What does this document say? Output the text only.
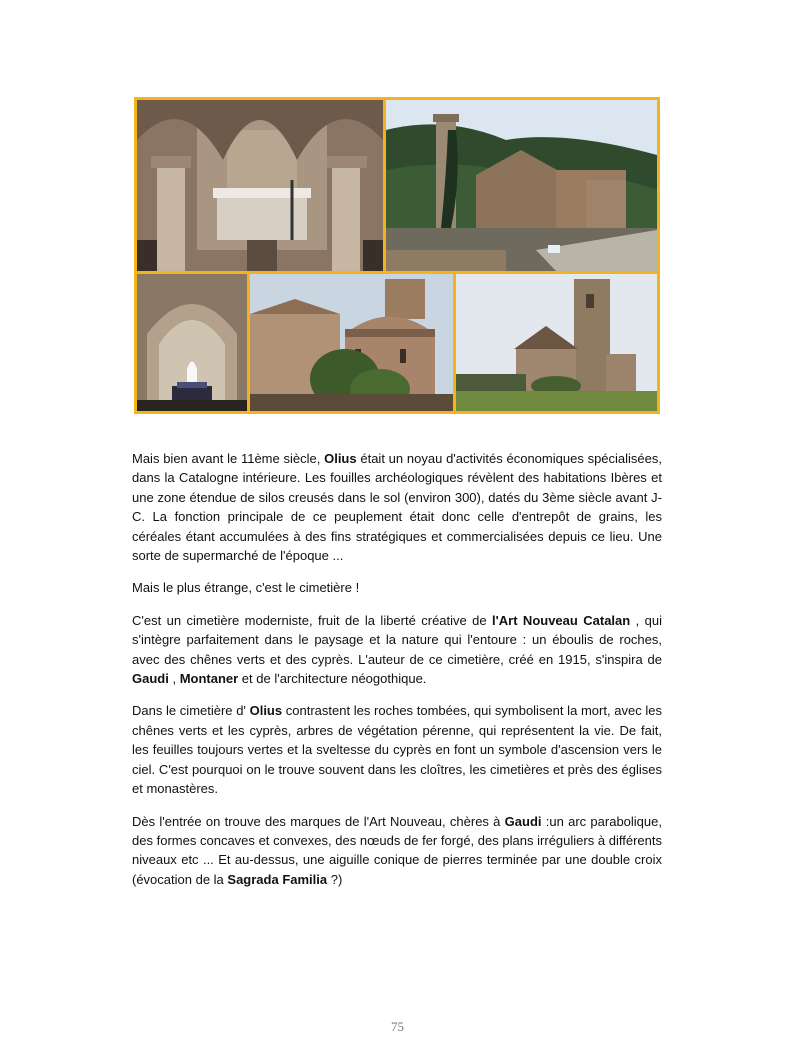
Mais bien avant le 11ème siècle, Olius était un noyau d'activités économiques spécialisées, dans la Catalogne intérieure. Les fouilles archéologiques révèlent des habitations Ibères et une zone étendue de silos creusés dans le sol (environ 300), datés du 3ème siècle avant J-C. La fonction principale de ce peuplement était donc celle d'entrepôt de grains, les céréales étant accumulées à des fins stratégiques et commercialisées depuis ce lieu. Une sorte de supermarché de l'époque ...

Mais le plus étrange, c'est le cimetière !

C'est un cimetière moderniste, fruit de la liberté créative de l'Art Nouveau Catalan , qui s'intègre parfaitement dans le paysage et la nature qui l'entoure : un éboulis de roches, avec des chênes verts et des cyprès. L'auteur de ce cimetière, créé en 1915, s'inspira de Gaudi , Montaner et de l'architecture néogothique.

Dans le cimetière d' Olius contrastent les roches tombées, qui symbolisent la mort, avec les chênes verts et les cyprès, arbres de végétation pérenne, qui représentent la vie. De fait, les feuilles toujours vertes et la sveltesse du cyprès en font un symbole d'ascension vers le ciel. C'est pourquoi on le trouve souvent dans les cloîtres, les cimetières et près des églises et monastères.

Dès l'entrée on trouve des marques de l'Art Nouveau, chères à Gaudi :un arc parabolique, des formes concaves et convexes, des nœuds de fer forgé, des plans irréguliers à différents niveaux etc ... Et au-dessus, une aiguille conique de pierres terminée par une double croix (évocation de la Sagrada Familia ?)

75
